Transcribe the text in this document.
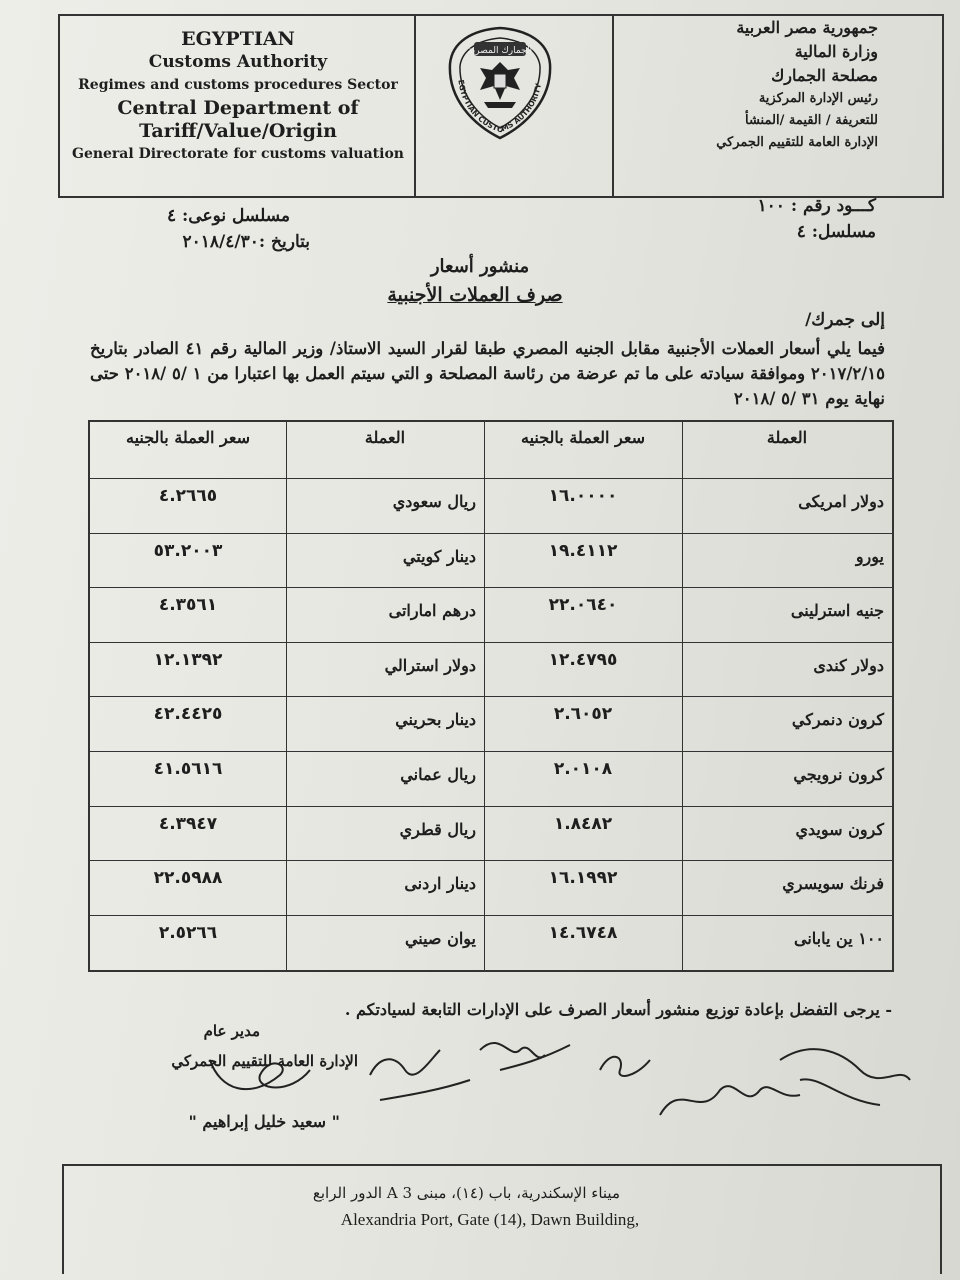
EGYPTIAN
Customs Authority
Regimes and customs procedures Sector
Central Department of
Tariff/Value/Origin
General Directorate for customs valuation
الجمارك المصرية
EGYPTIAN CUSTOMS AUTHORITY
جمهورية مصر العربية
وزارة المالية
مصلحة الجمارك
رئيس الإدارة المركزية
للتعريفة / القيمة /المنشأ
الإدارة العامة للتقييم الجمركي
كـــود رقم : ١٠٠
مسلسل: ٤
مسلسل نوعى: ٤
بتاريخ :٢٠١٨/٤/٣٠
منشور أسعار
صرف العملات الأجنبية
إلى جمرك/
فيما يلي أسعار العملات الأجنبية مقابل الجنيه المصري طبقا لقرار السيد الاستاذ/ وزير المالية رقم ٤١ الصادر بتاريخ ٢٠١٧/٢/١٥ وموافقة سيادته على ما تم عرضة من رئاسة المصلحة و التي سيتم العمل بها اعتبارا من ١ /٥ /٢٠١٨ حتى نهاية يوم ٣١ /٥ /٢٠١٨
العملة
سعر العملة بالجنيه
العملة
سعر العملة بالجنيه
دولار امريكى
١٦.٠٠٠٠
ريال سعودي
٤.٢٦٦٥
يورو
١٩.٤١١٢
دينار كويتي
٥٣.٢٠٠٣
جنيه استرلينى
٢٢.٠٦٤٠
درهم اماراتى
٤.٣٥٦١
دولار كندى
١٢.٤٧٩٥
دولار استرالي
١٢.١٣٩٢
كرون دنمركي
٢.٦٠٥٢
دينار بحريني
٤٢.٤٤٢٥
كرون نرويجي
٢.٠١٠٨
ريال عماني
٤١.٥٦١٦
كرون سويدي
١.٨٤٨٢
ريال قطري
٤.٣٩٤٧
فرنك سويسري
١٦.١٩٩٢
دينار اردنى
٢٢.٥٩٨٨
١٠٠ ين يابانى
١٤.٦٧٤٨
يوان صيني
٢.٥٢٦٦
- يرجى التفضل بإعادة توزيع منشور أسعار الصرف على الإدارات التابعة لسيادتكم .
مدير عام
الإدارة العامة للتقييم الجمركي
" سعيد خليل إبراهيم "
ميناء الإسكندرية، باب (١٤)، مبنى A 3 الدور الرابع
Alexandria Port, Gate (14), Dawn Building,
